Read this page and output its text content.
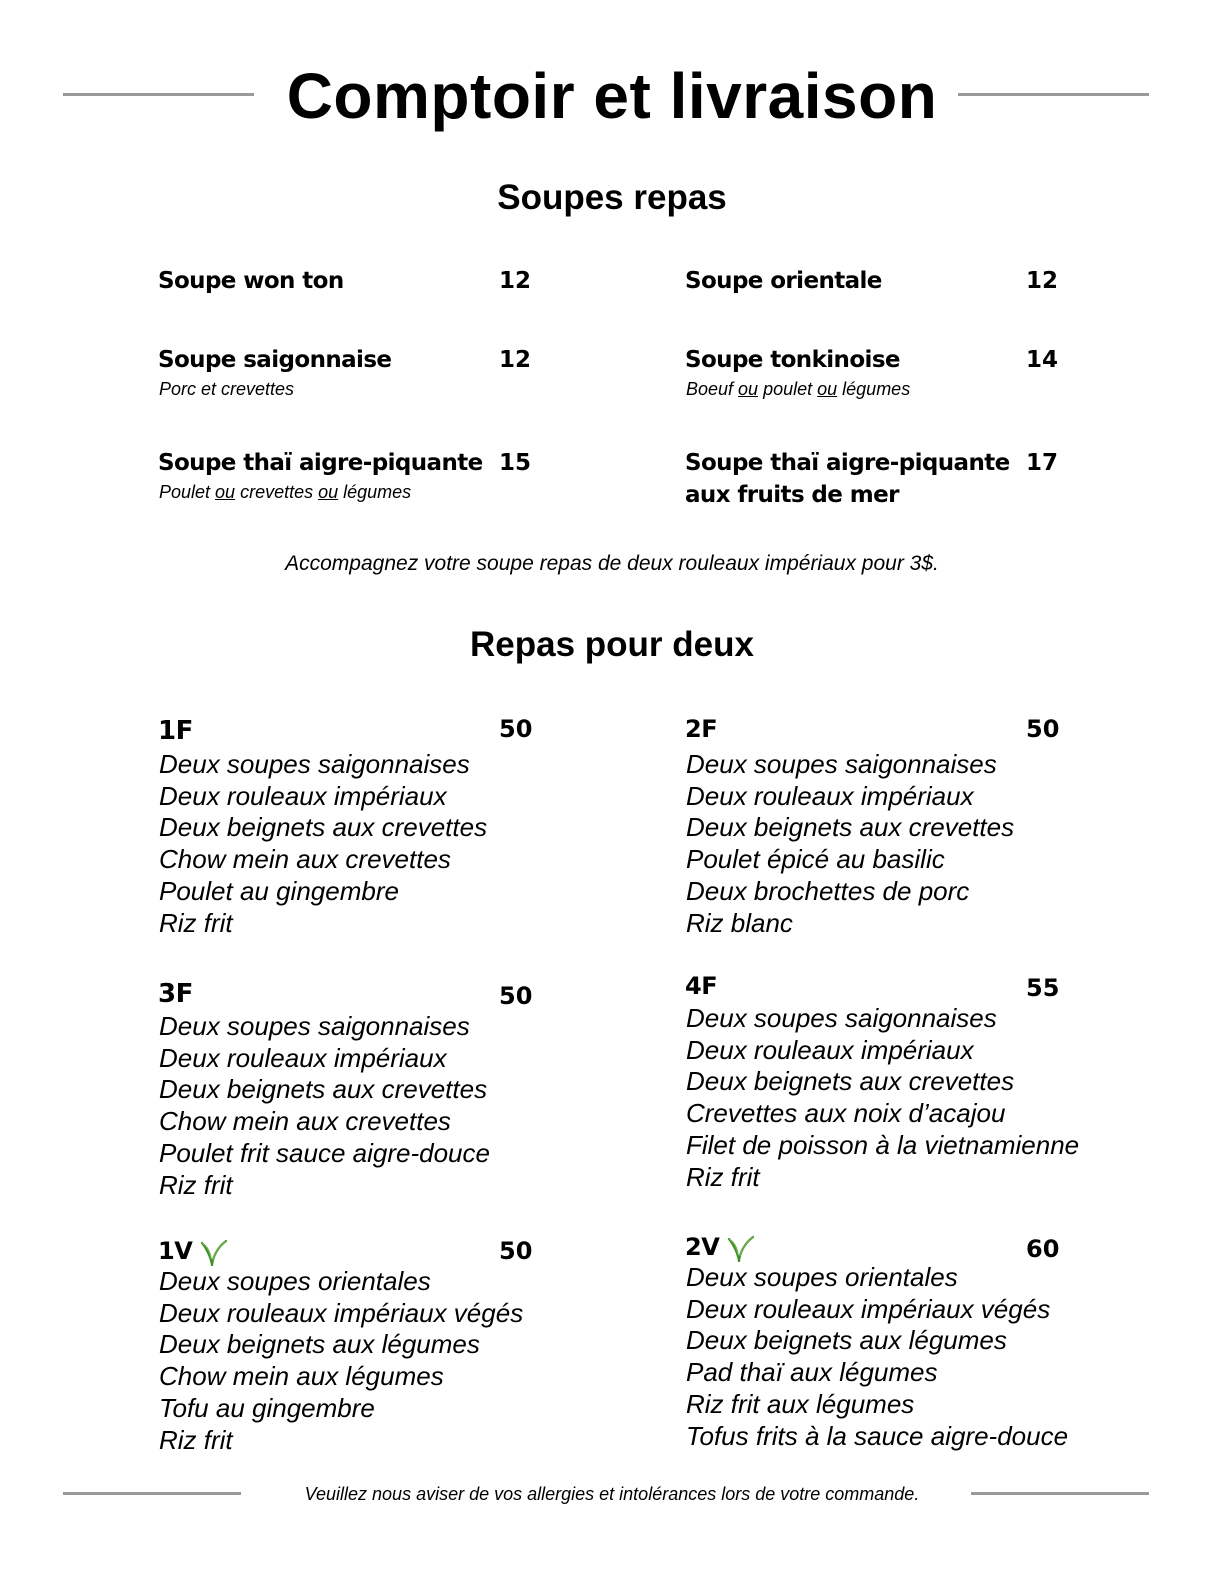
Comptoir et livraison
Soupes repas
Soupe won ton	12	Soupe orientale	12
Soupe saigonnaise	12
Porc et crevettes
Soupe tonkinoise	14
Boeuf ou poulet ou légumes
Soupe thaï aigre-piquante 15
Poulet ou crevettes ou légumes
Soupe thaï aigre-piquante
aux fruits de mer
17
Accompagnez votre soupe repas de deux rouleaux impériaux pour 3$.
Repas pour deux
1F	50
Deux soupes saigonnaises
Deux rouleaux impériaux
Deux beignets aux crevettes
Chow mein aux crevettes
Poulet au gingembre
Riz frit
2F	50
Deux soupes saigonnaises
Deux rouleaux impériaux
Deux beignets aux crevettes
Poulet épicé au basilic
Deux brochettes de porc
Riz blanc
3F	50
Deux soupes saigonnaises
Deux rouleaux impériaux
Deux beignets aux crevettes
Chow mein aux crevettes
Poulet frit sauce aigre-douce
Riz frit
4F	55
Deux soupes saigonnaises
Deux rouleaux impériaux
Deux beignets aux crevettes
Crevettes aux noix d’acajou
Filet de poisson à la vietnamienne
Riz frit
1V	50
Deux soupes orientales
Deux rouleaux impériaux végés
Deux beignets aux légumes
Chow mein aux légumes
Tofu au gingembre
Riz frit
2V	60
Deux soupes orientales
Deux rouleaux impériaux végés
Deux beignets aux légumes
Pad thaï aux légumes
Riz frit aux légumes
Tofus frits à la sauce aigre-douce
Veuillez nous aviser de vos allergies et intolérances lors de votre commande.
